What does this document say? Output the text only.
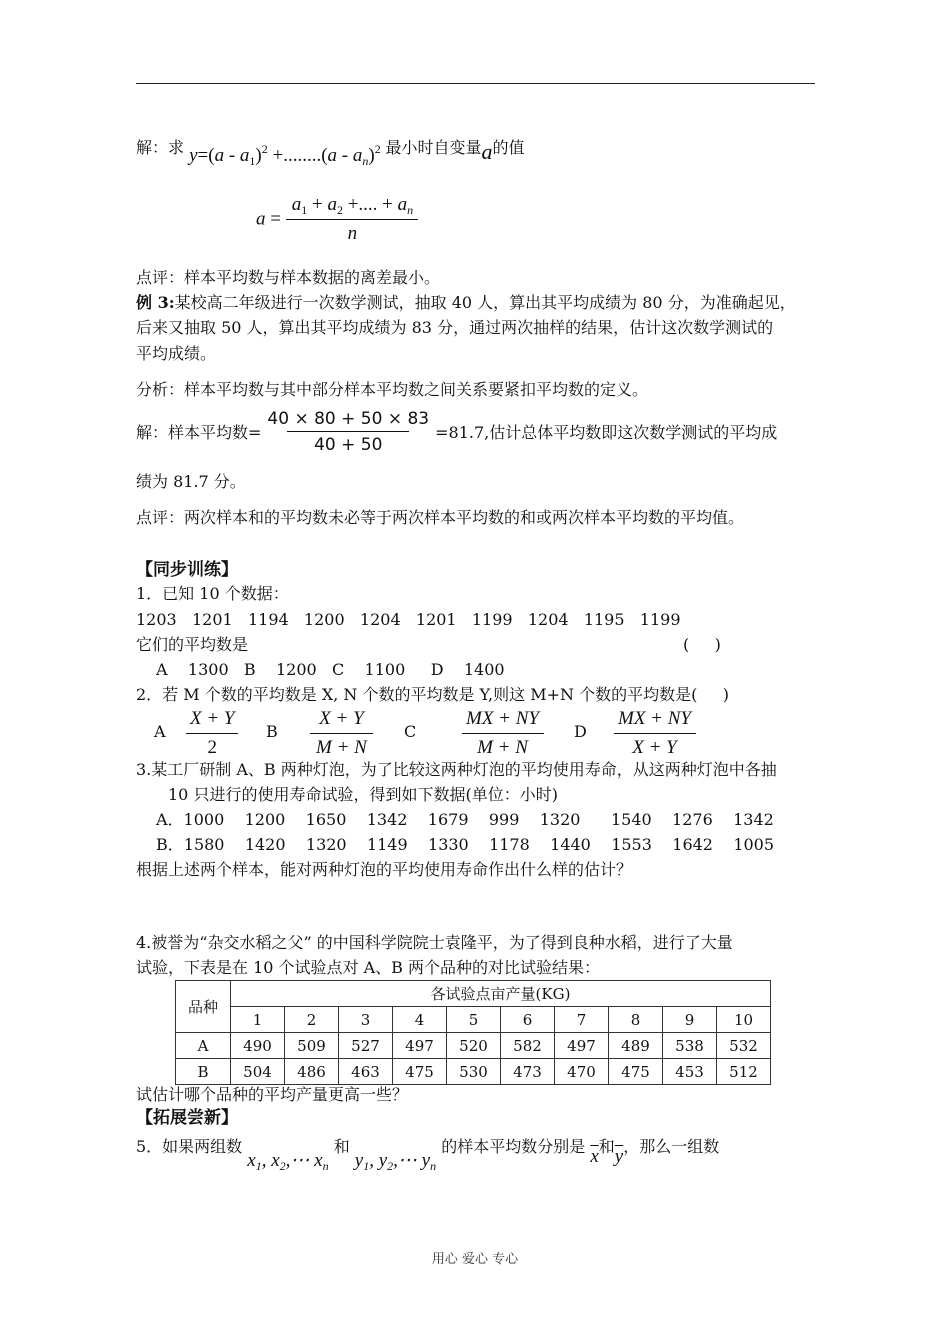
解：求 $y=(a - a_1)^2 +........(a - a_n)^2$ 最小时自变量a的值
$a = \frac{a_1 + a_2 +.... + a_n}{n}$
点评：样本平均数与样本数据的离差最小。
例 3:某校高二年级进行一次数学测试，抽取 40 人，算出其平均成绩为 80 分，为准确起见，
后来又抽取 50 人，算出其平均成绩为 83 分，通过两次抽样的结果，估计这次数学测试的
平均成绩。
分析：样本平均数与其中部分样本平均数之间关系要紧扣平均数的定义。
解：样本平均数= $\frac{40 \times 80 + 50 \times 83}{40 + 50} =81.7$,估计总体平均数即这次数学测试的平均成
绩为 81.7 分。
点评：两次样本和的平均数未必等于两次样本平均数的和或两次样本平均数的平均值。
【同步训练】
1．已知 10 个数据：
1203   1201   1194   1200   1204   1201   1199   1204   1195   1199
它们的平均数是	(     )
A    1300   B    1200   C    1100     D    1400
2．若 M 个数的平均数是 X, N 个数的平均数是 Y,则这 M+N 个数的平均数是(     )
A $\frac{X + Y}{2}$ B $\frac{X + Y}{M + N}$ C $\frac{MX + NY}{M + N}$ D $\frac{MX + NY}{X + Y}$
3.某工厂研制 A、B 两种灯泡，为了比较这两种灯泡的平均使用寿命，从这两种灯泡中各抽
10 只进行的使用寿命试验，得到如下数据(单位：小时)
A．1000    1200    1650    1342    1679    999    1320      1540    1276    1342
B．1580    1420    1320    1149    1330    1178    1440    1553    1642    1005
根据上述两个样本，能对两种灯泡的平均使用寿命作出什么样的估计？
4.被誉为“杂交水稻之父” 的中国科学院院士袁隆平，为了得到良种水稻，进行了大量
试验，下表是在 10 个试验点对 A、B 两个品种的对比试验结果：
品种	各试验点亩产量(KG)									
	1	2	3	4	5	6	7	8	9	10
A	490	509	527	497	520	582	497	489	538	532
B	504	486	463	475	530	473	470	475	453	512
试估计哪个品种的平均产量更高一些？
【拓展尝新】
5．如果两组数 $x_1$, $x_2,\cdots$ $x_n$ 和 $y_1$, $y_2,\cdots$ $y_n$ 的样本平均数分别是 $\overline{x}$和$\overline{y}$，那么一组数
用心 爱心 专心
